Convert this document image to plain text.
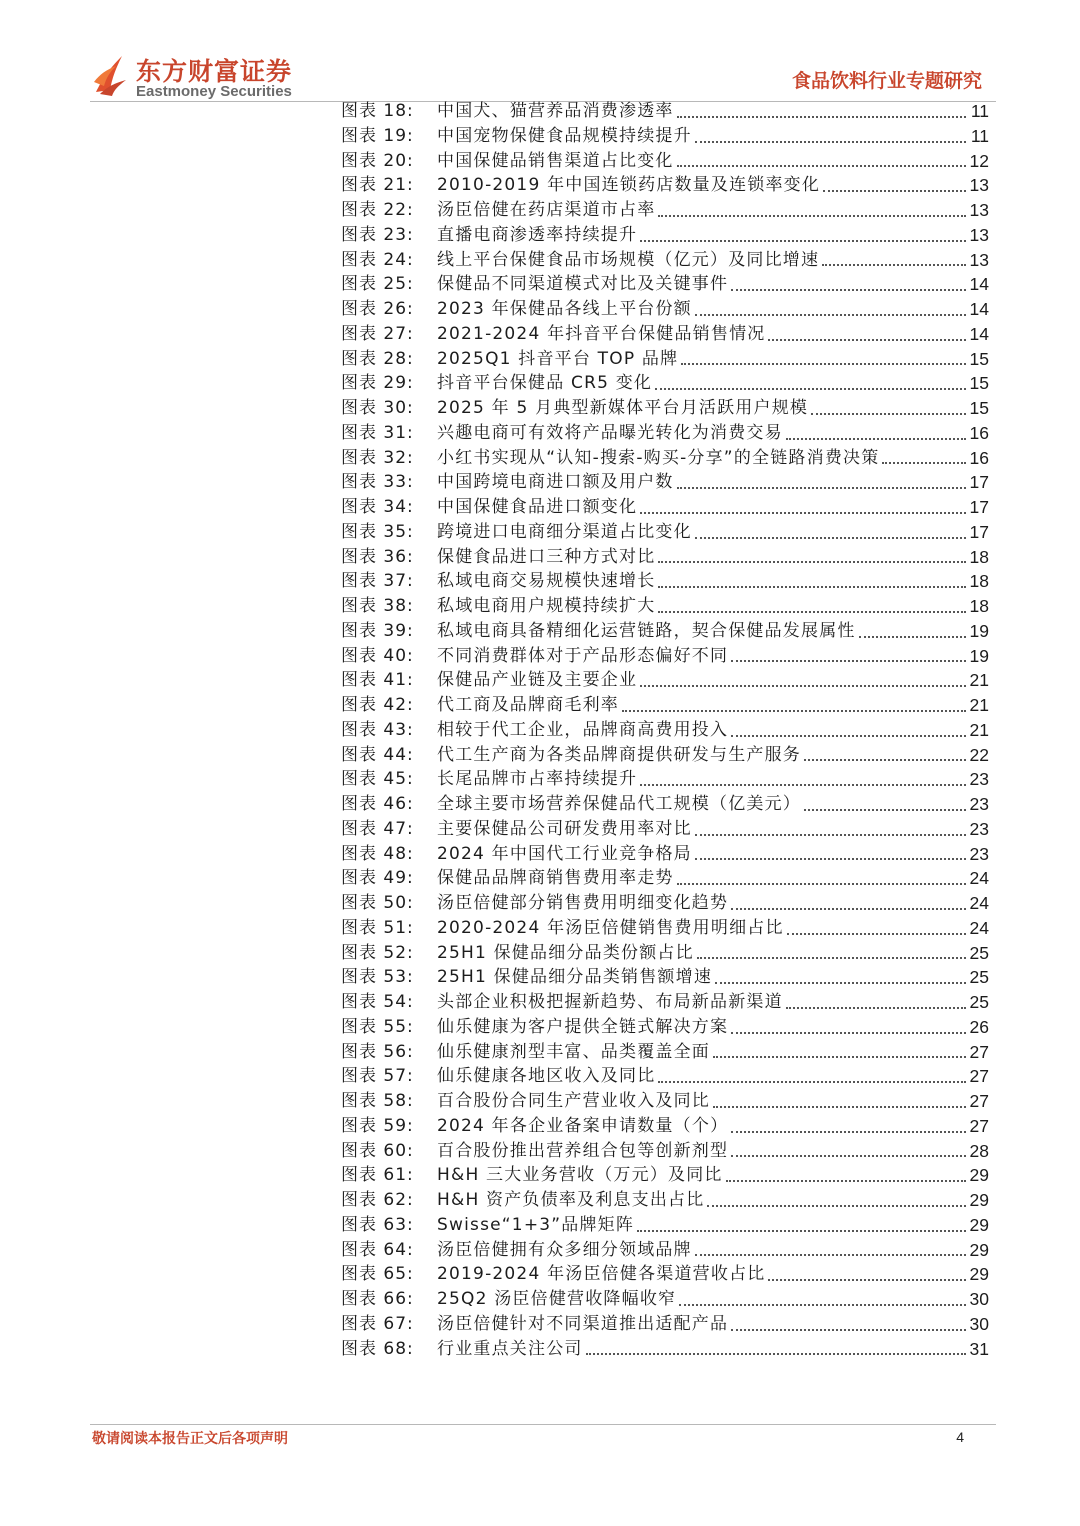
东方财富证券
Eastmoney Securities	食品饮料行业专题研究
图表 18:	中国犬、猫营养品消费渗透率	11
图表 19:	中国宠物保健食品规模持续提升	11
图表 20:	中国保健品销售渠道占比变化	12
图表 21:	2010-2019 年中国连锁药店数量及连锁率变化	13
图表 22:	汤臣倍健在药店渠道市占率	13
图表 23:	直播电商渗透率持续提升	13
图表 24:	线上平台保健食品市场规模（亿元）及同比增速	13
图表 25:	保健品不同渠道模式对比及关键事件	14
图表 26:	2023 年保健品各线上平台份额	14
图表 27:	2021-2024 年抖音平台保健品销售情况	14
图表 28:	2025Q1 抖音平台 TOP 品牌	15
图表 29:	抖音平台保健品 CR5 变化	15
图表 30:	2025 年 5 月典型新媒体平台月活跃用户规模	15
图表 31:	兴趣电商可有效将产品曝光转化为消费交易	16
图表 32:	小红书实现从“认知-搜索-购买-分享”的全链路消费决策	16
图表 33:	中国跨境电商进口额及用户数	17
图表 34:	中国保健食品进口额变化	17
图表 35:	跨境进口电商细分渠道占比变化	17
图表 36:	保健食品进口三种方式对比	18
图表 37:	私域电商交易规模快速增长	18
图表 38:	私域电商用户规模持续扩大	18
图表 39:	私域电商具备精细化运营链路，契合保健品发展属性	19
图表 40:	不同消费群体对于产品形态偏好不同	19
图表 41:	保健品产业链及主要企业	21
图表 42:	代工商及品牌商毛利率	21
图表 43:	相较于代工企业，品牌商高费用投入	21
图表 44:	代工生产商为各类品牌商提供研发与生产服务	22
图表 45:	长尾品牌市占率持续提升	23
图表 46:	全球主要市场营养保健品代工规模（亿美元）	23
图表 47:	主要保健品公司研发费用率对比	23
图表 48:	2024 年中国代工行业竞争格局	23
图表 49:	保健品品牌商销售费用率走势	24
图表 50:	汤臣倍健部分销售费用明细变化趋势	24
图表 51:	2020-2024 年汤臣倍健销售费用明细占比	24
图表 52:	25H1 保健品细分品类份额占比	25
图表 53:	25H1 保健品细分品类销售额增速	25
图表 54:	头部企业积极把握新趋势、布局新品新渠道	25
图表 55:	仙乐健康为客户提供全链式解决方案	26
图表 56:	仙乐健康剂型丰富、品类覆盖全面	27
图表 57:	仙乐健康各地区收入及同比	27
图表 58:	百合股份合同生产营业收入及同比	27
图表 59:	2024 年各企业备案申请数量（个）	27
图表 60:	百合股份推出营养组合包等创新剂型	28
图表 61:	H&H 三大业务营收（万元）及同比	29
图表 62:	H&H 资产负债率及利息支出占比	29
图表 63:	Swisse“1+3”品牌矩阵	29
图表 64:	汤臣倍健拥有众多细分领域品牌	29
图表 65:	2019-2024 年汤臣倍健各渠道营收占比	29
图表 66:	25Q2 汤臣倍健营收降幅收窄	30
图表 67:	汤臣倍健针对不同渠道推出适配产品	30
图表 68:	行业重点关注公司	31
敬请阅读本报告正文后各项声明	4
